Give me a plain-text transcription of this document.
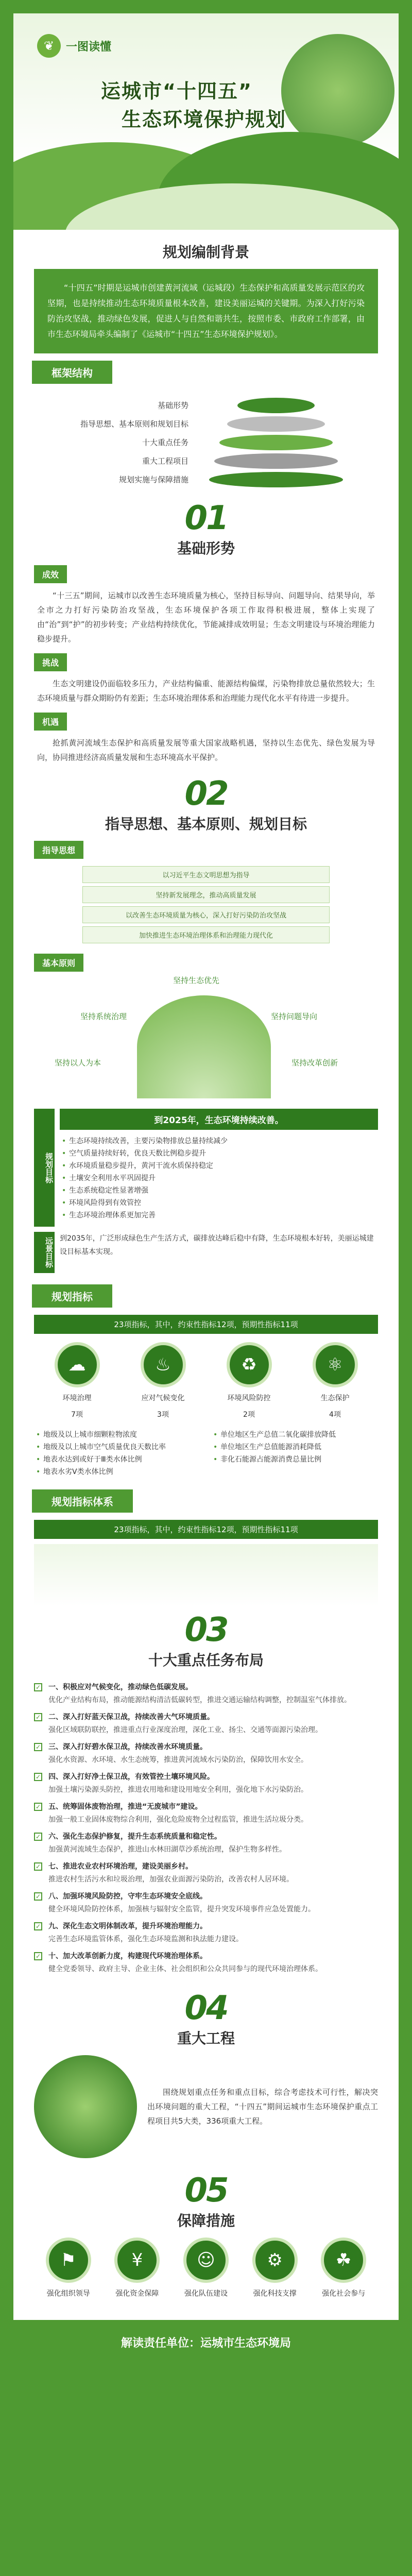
❦	一图读懂
运城市“十四五”
生态环境保护规划
规划编制背景
“十四五”时期是运城市创建黄河流域（运城段）生态保护和高质量发展示范区的攻坚期，也是持续推动生态环境质量根本改善，建设美丽运城的关键期。为深入打好污染防治攻坚战，推动绿色发展，促进人与自然和谐共生，按照市委、市政府工作部署，由市生态环境局牵头编制了《运城市“十四五”生态环境保护规划》。
框架结构
基础形势
指导思想、基本原则和规划目标
十大重点任务
重大工程项目
规划实施与保障措施
01
基础形势
成效

“十三五”期间，运城市以改善生态环境质量为核心，坚持目标导向、问题导向、结果导向，举全市之力打好污染防治攻坚战，生态环境保护各项工作取得积极进展，整体上实现了由“治”到“护”的初步转变；产业结构持续优化，节能减排成效明显；生态文明建设与环境治理能力稳步提升。

挑战

生态文明建设仍面临较多压力，产业结构偏重、能源结构偏煤，污染物排放总量依然较大；生态环境质量与群众期盼仍有差距；生态环境治理体系和治理能力现代化水平有待进一步提升。

机遇

抢抓黄河流域生态保护和高质量发展等重大国家战略机遇，坚持以生态优先、绿色发展为导向，协同推进经济高质量发展和生态环境高水平保护。

02
指导思想、基本原则、规划目标
指导思想
以习近平生态文明思想为指导
坚持新发展理念，推动高质量发展
以改善生态环境质量为核心，深入打好污染防治攻坚战
加快推进生态环境治理体系和治理能力现代化
基本原则
坚持生态优先
坚持系统治理	坚持问题导向
坚持以人为本	坚持改革创新
规划目标
到2025年，生态环境持续改善。
• 生态环境持续改善，主要污染物排放总量持续减少
• 空气质量持续好转，优良天数比例稳步提升
• 水环境质量稳步提升，黄河干流水质保持稳定
• 土壤安全利用水平巩固提升
• 生态系统稳定性显著增强
• 环境风险得到有效管控
• 生态环境治理体系更加完善
远景目标 到2035年，广泛形成绿色生产生活方式，碳排放达峰后稳中有降，生态环境根本好转，美丽运城建设目标基本实现。

规划指标
23项指标，其中，约束性指标12项，预期性指标11项
☁
环境治理
7项
♨
应对气候变化
3项
♻
环境风险防控
2项
⚛
生态保护
4项
• 地级及以上城市细颗粒物浓度
• 地级及以上城市空气质量优良天数比率
• 地表水达到或好于Ⅲ类水体比例
• 地表水劣Ⅴ类水体比例
• 单位地区生产总值二氧化碳排放降低
• 单位地区生产总值能源消耗降低
• 非化石能源占能源消费总量比例
规划指标体系
23项指标，其中，约束性指标12项，预期性指标11项
03
十大重点任务布局
✓ 一、积极应对气候变化，推动绿色低碳发展。
优化产业结构布局，推动能源结构清洁低碳转型，推进交通运输结构调整，控制温室气体排放。
✓ 二、深入打好蓝天保卫战，持续改善大气环境质量。
强化区域联防联控，推进重点行业深度治理，深化工业、扬尘、交通等面源污染治理。
✓ 三、深入打好碧水保卫战，持续改善水环境质量。
强化水资源、水环境、水生态统筹，推进黄河流域水污染防治，保障饮用水安全。
✓ 四、深入打好净土保卫战，有效管控土壤环境风险。
加强土壤污染源头防控，推进农用地和建设用地安全利用，强化地下水污染防治。
✓ 五、统筹固体废物治理，推进“无废城市”建设。
加强一般工业固体废物综合利用，强化危险废物全过程监管，推进生活垃圾分类。
✓ 六、强化生态保护修复，提升生态系统质量和稳定性。
加强黄河流域生态保护，推进山水林田湖草沙系统治理，保护生物多样性。
✓ 七、推进农业农村环境治理，建设美丽乡村。
推进农村生活污水和垃圾治理，加强农业面源污染防治，改善农村人居环境。
✓ 八、加强环境风险防控，守牢生态环境安全底线。
健全环境风险防控体系，加强核与辐射安全监管，提升突发环境事件应急处置能力。
✓ 九、深化生态文明体制改革，提升环境治理能力。
完善生态环境监管体系，强化生态环境监测和执法能力建设。
✓ 十、加大改革创新力度，构建现代环境治理体系。
健全党委领导、政府主导、企业主体、社会组织和公众共同参与的现代环境治理体系。
04
重大工程

围绕规划重点任务和重点目标，综合考虑技术可行性，解决突出环境问题的重大工程，“十四五”期间运城市生态环境保护重点工程项目共5大类，336项重大工程。

05
保障措施
⚑
强化组织领导
¥
强化资金保障
☺
强化队伍建设
⚙
强化科技支撑
☘
强化社会参与
解读责任单位：运城市生态环境局
